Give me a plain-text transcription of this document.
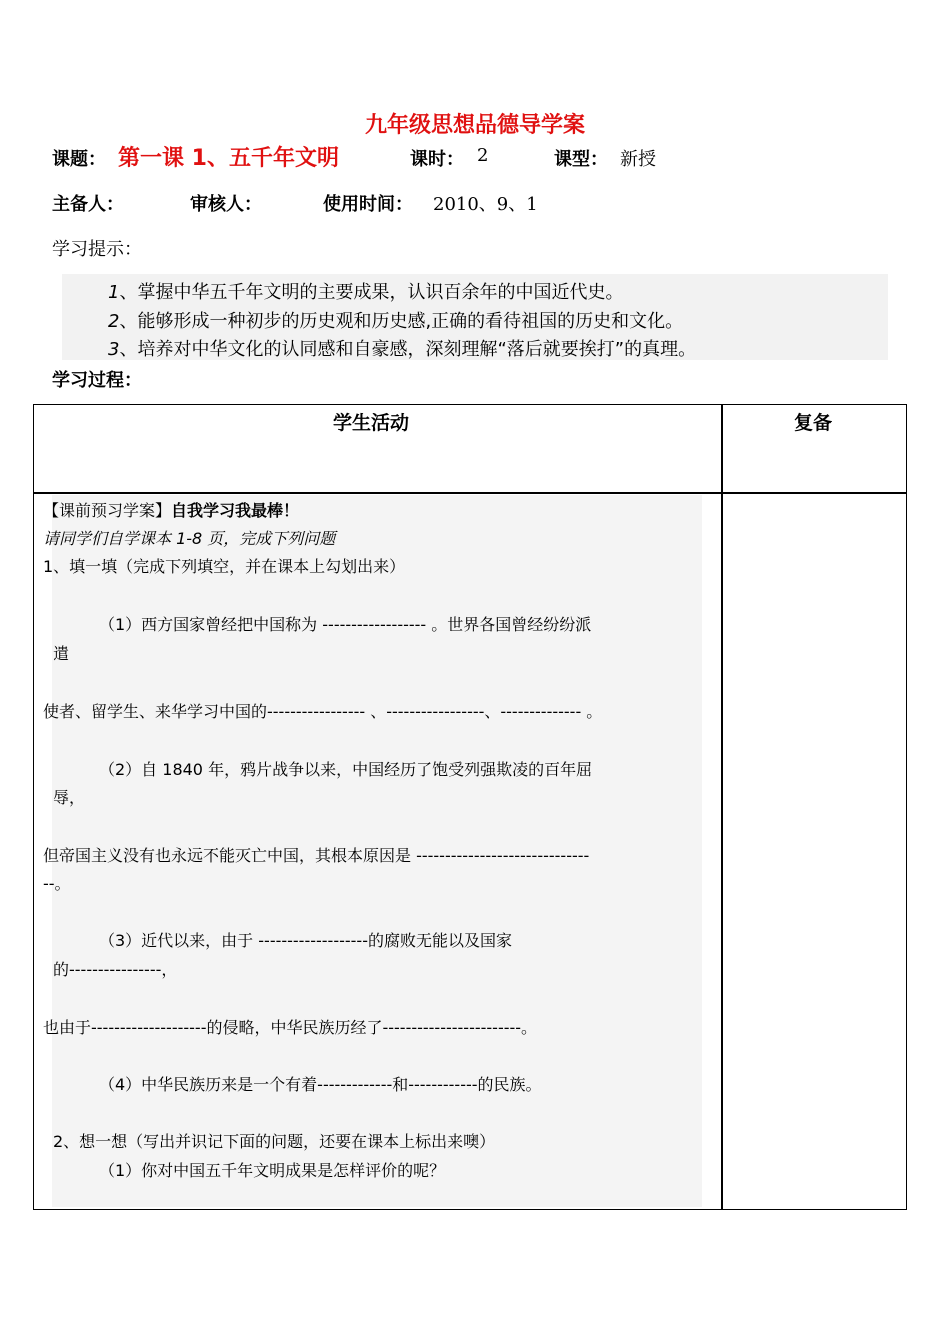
九年级思想品德导学案
课题： 第一课 1、五千年文明	课时： 2	课型： 新授
主备人：	审核人：	使用时间： 2010、9、1
学习提示：
1、掌握中华五千年文明的主要成果，认识百余年的中国近代史。
2、能够形成一种初步的历史观和历史感,正确的看待祖国的历史和文化。
3、培养对中华文化的认同感和自豪感，深刻理解“落后就要挨打”的真理。
学习过程：
学生活动	复备
【课前预习学案】自我学习我最棒！
请同学们自学课本 1-8 页，完成下列问题
1、填一填（完成下列填空，并在课本上勾划出来）
（1）西方国家曾经把中国称为 ------------------ 。世界各国曾经纷纷派
遣
使者、留学生、来华学习中国的----------------- 、-----------------、-------------- 。
（2）自 1840 年，鸦片战争以来，中国经历了饱受列强欺凌的百年屈
辱，
但帝国主义没有也永远不能灭亡中国，其根本原因是 ------------------------------
--。
（3）近代以来，由于 -------------------的腐败无能以及国家
的----------------，
也由于--------------------的侵略，中华民族历经了------------------------。
（4）中华民族历来是一个有着-------------和------------的民族。
2、想一想（写出并识记下面的问题，还要在课本上标出来噢）
（1）你对中国五千年文明成果是怎样评价的呢？
